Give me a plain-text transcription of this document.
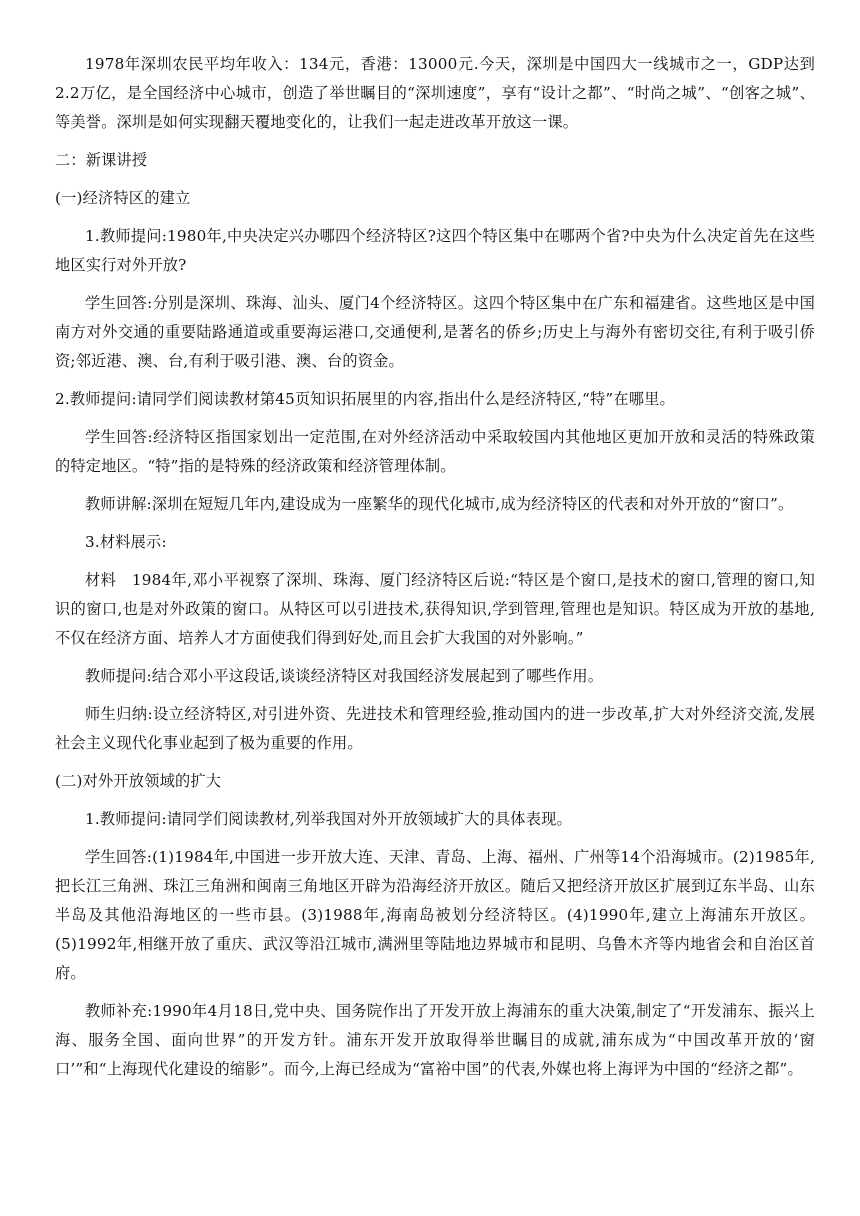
1978年深圳农民平均年收入：134元，香港：13000元.今天，深圳是中国四大一线城市之一，GDP达到2.2万亿，是全国经济中心城市，创造了举世瞩目的“深圳速度”，享有“设计之都”、“时尚之城”、“创客之城”、等美誉。深圳是如何实现翻天覆地变化的，让我们一起走进改革开放这一课。

二：新课讲授

(一)经济特区的建立

1.教师提问:1980年,中央决定兴办哪四个经济特区?这四个特区集中在哪两个省?中央为什么决定首先在这些地区实行对外开放?

学生回答:分别是深圳、珠海、汕头、厦门4个经济特区。这四个特区集中在广东和福建省。这些地区是中国南方对外交通的重要陆路通道或重要海运港口,交通便利,是著名的侨乡;历史上与海外有密切交往,有利于吸引侨资;邻近港、澳、台,有利于吸引港、澳、台的资金。

2.教师提问:请同学们阅读教材第45页知识拓展里的内容,指出什么是经济特区,“特”在哪里。

学生回答:经济特区指国家划出一定范围,在对外经济活动中采取较国内其他地区更加开放和灵活的特殊政策的特定地区。“特”指的是特殊的经济政策和经济管理体制。

教师讲解:深圳在短短几年内,建设成为一座繁华的现代化城市,成为经济特区的代表和对外开放的“窗口”。

3.材料展示:

材料　1984年,邓小平视察了深圳、珠海、厦门经济特区后说:“特区是个窗口,是技术的窗口,管理的窗口,知识的窗口,也是对外政策的窗口。从特区可以引进技术,获得知识,学到管理,管理也是知识。特区成为开放的基地,不仅在经济方面、培养人才方面使我们得到好处,而且会扩大我国的对外影响。”

教师提问:结合邓小平这段话,谈谈经济特区对我国经济发展起到了哪些作用。

师生归纳:设立经济特区,对引进外资、先进技术和管理经验,推动国内的进一步改革,扩大对外经济交流,发展社会主义现代化事业起到了极为重要的作用。

(二)对外开放领域的扩大

1.教师提问:请同学们阅读教材,列举我国对外开放领域扩大的具体表现。

学生回答:(1)1984年,中国进一步开放大连、天津、青岛、上海、福州、广州等14个沿海城市。(2)1985年,把长江三角洲、珠江三角洲和闽南三角地区开辟为沿海经济开放区。随后又把经济开放区扩展到辽东半岛、山东半岛及其他沿海地区的一些市县。(3)1988年,海南岛被划分经济特区。(4)1990年,建立上海浦东开放区。(5)1992年,相继开放了重庆、武汉等沿江城市,满洲里等陆地边界城市和昆明、乌鲁木齐等内地省会和自治区首府。

教师补充:1990年4月18日,党中央、国务院作出了开发开放上海浦东的重大决策,制定了“开发浦东、振兴上海、服务全国、面向世界”的开发方针。浦东开发开放取得举世瞩目的成就,浦东成为“中国改革开放的‘窗口’”和“上海现代化建设的缩影”。而今,上海已经成为“富裕中国”的代表,外媒也将上海评为中国的“经济之都”。
